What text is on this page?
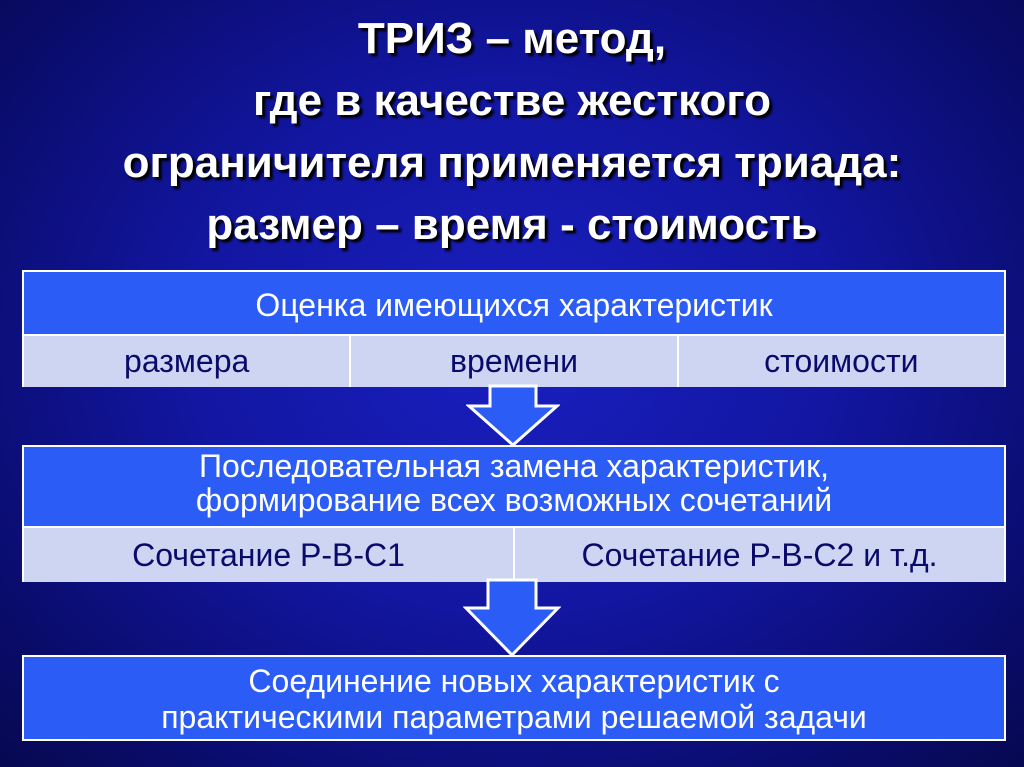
ТРИЗ – метод,
где в качестве жесткого
ограничителя применяется триада:
размер – время - стоимость
Оценка имеющихся характеристик
размера	времени	стоимости
Последовательная замена характеристик,
формирование всех возможных сочетаний
Сочетание Р-В-С1	Сочетание Р-В-С2 и т.д.
Соединение новых характеристик с
практическими параметрами решаемой задачи
